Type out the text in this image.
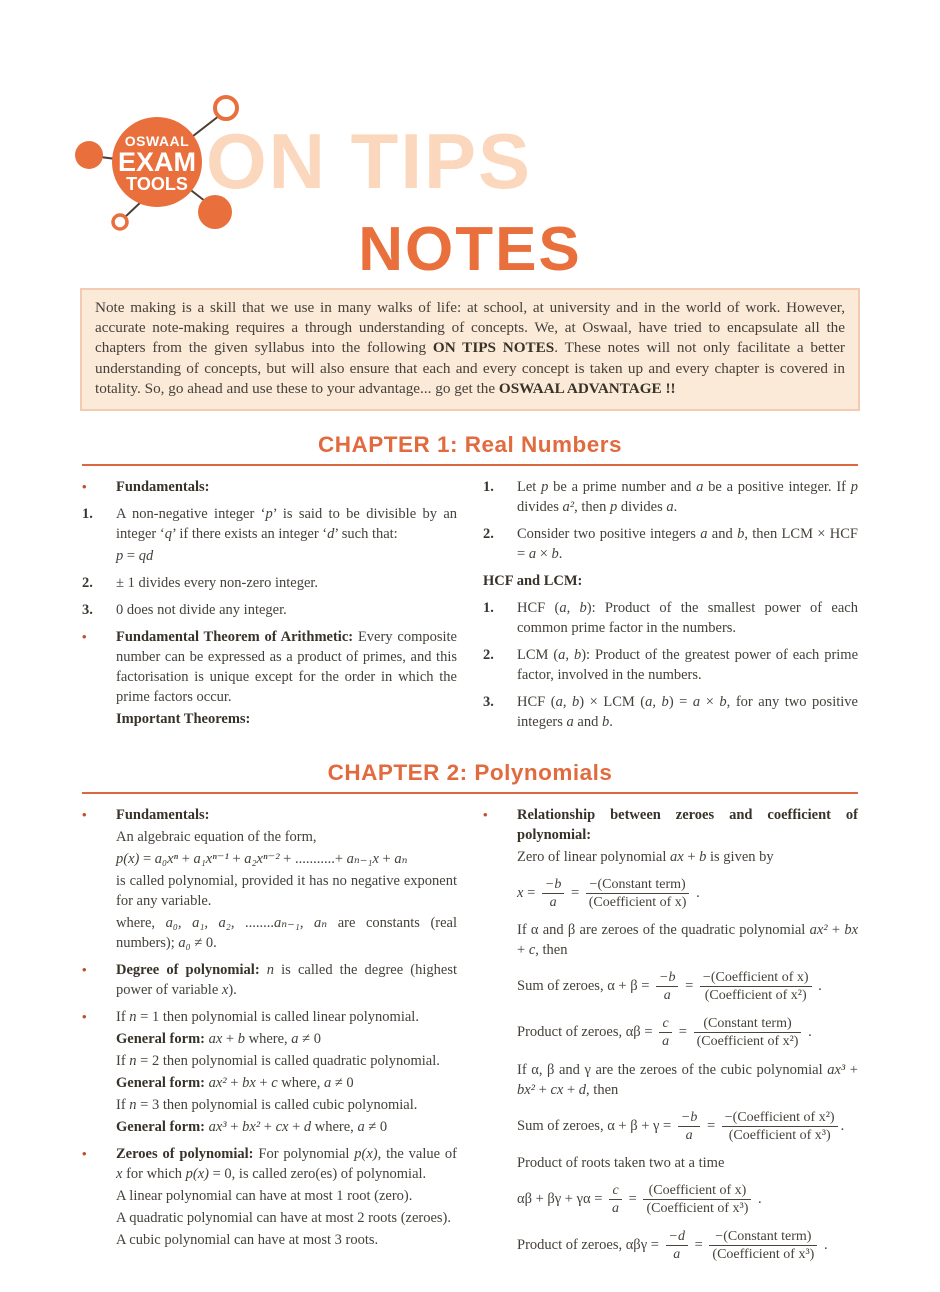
OSWAAL
EXAM
TOOLS ON TIPS
NOTES

Note making is a skill that we use in many walks of life: at school, at university and in the world of work. However, accurate note-making requires a through understanding of concepts. We, at Oswaal, have tried to encapsulate all the chapters from the given syllabus into the following ON TIPS NOTES. These notes will not only facilitate a better understanding of concepts, but will also ensure that each and every concept is taken up and every chapter is covered in totality. So, go ahead and use these to your advantage... go get the OSWAAL ADVANTAGE !!

CHAPTER 1: Real Numbers
•	Fundamentals:
1.	A non-negative integer ‘p’ is said to be divisible by an integer ‘q’ if there exists an integer ‘d’ such that:
p = qd
2.	± 1 divides every non-zero integer.
3.	0 does not divide any integer.
•	Fundamental Theorem of Arithmetic: Every composite number can be expressed as a product of primes, and this factorisation is unique except for the order in which the prime factors occur.
Important Theorems:
1.	Let p be a prime number and a be a positive integer. If p divides a², then p divides a.
2.	Consider two positive integers a and b, then LCM × HCF = a × b.
HCF and LCM:
1.	HCF (a, b): Product of the smallest power of each common prime factor in the numbers.
2.	LCM (a, b): Product of the greatest power of each prime factor, involved in the numbers.
3.	HCF (a, b) × LCM (a, b) = a × b, for any two positive integers a and b.
CHAPTER 2: Polynomials
•	Fundamentals:
An algebraic equation of the form,
p(x) = a₀xⁿ + a₁xⁿ⁻¹ + a₂xⁿ⁻² + ...........+ aₙ₋₁x + aₙ
is called polynomial, provided it has no negative exponent for any variable.
where, a₀, a₁, a₂, ........aₙ₋₁, aₙ are constants (real numbers); a₀ ≠ 0.
•	Degree of polynomial: n is called the degree (highest power of variable x).
•	If n = 1 then polynomial is called linear polynomial.
General form: ax + b where, a ≠ 0
If n = 2 then polynomial is called quadratic polynomial.
General form: ax² + bx + c where, a ≠ 0
If n = 3 then polynomial is called cubic polynomial.
General form: ax³ + bx² + cx + d where, a ≠ 0
•	Zeroes of polynomial: For polynomial p(x), the value of x for which p(x) = 0, is called zero(es) of polynomial.
A linear polynomial can have at most 1 root (zero).
A quadratic polynomial can have at most 2 roots (zeroes).
A cubic polynomial can have at most 3 roots.
•	Relationship between zeroes and coefficient of polynomial:
Zero of linear polynomial ax + b is given by
$x = \frac{-b}{a} = \frac{\text{−(Constant term)}}{\text{(Coefficient of x)}}$ .
If α and β are zeroes of the quadratic polynomial ax² + bx + c, then
Sum of zeroes, $\alpha + \beta = \frac{-b}{a} = \frac{\text{−(Coefficient of x)}}{\text{(Coefficient of x²)}}$ .
Product of zeroes, $\alpha\beta = \frac{c}{a} = \frac{\text{(Constant term)}}{\text{(Coefficient of x²)}}$ .
If α, β and γ are the zeroes of the cubic polynomial ax³ + bx² + cx + d, then
Sum of zeroes, $\alpha + \beta + \gamma = \frac{-b}{a} = \frac{\text{−(Coefficient of x²)}}{\text{(Coefficient of x³)}}$ .
Product of roots taken two at a time
$\alpha\beta + \beta\gamma + \gamma\alpha = \frac{c}{a} = \frac{\text{(Coefficient of x)}}{\text{(Coefficient of x³)}}$ .
Product of zeroes, $\alpha\beta\gamma = \frac{-d}{a} = \frac{\text{−(Constant term)}}{\text{(Coefficient of x³)}}$ .
